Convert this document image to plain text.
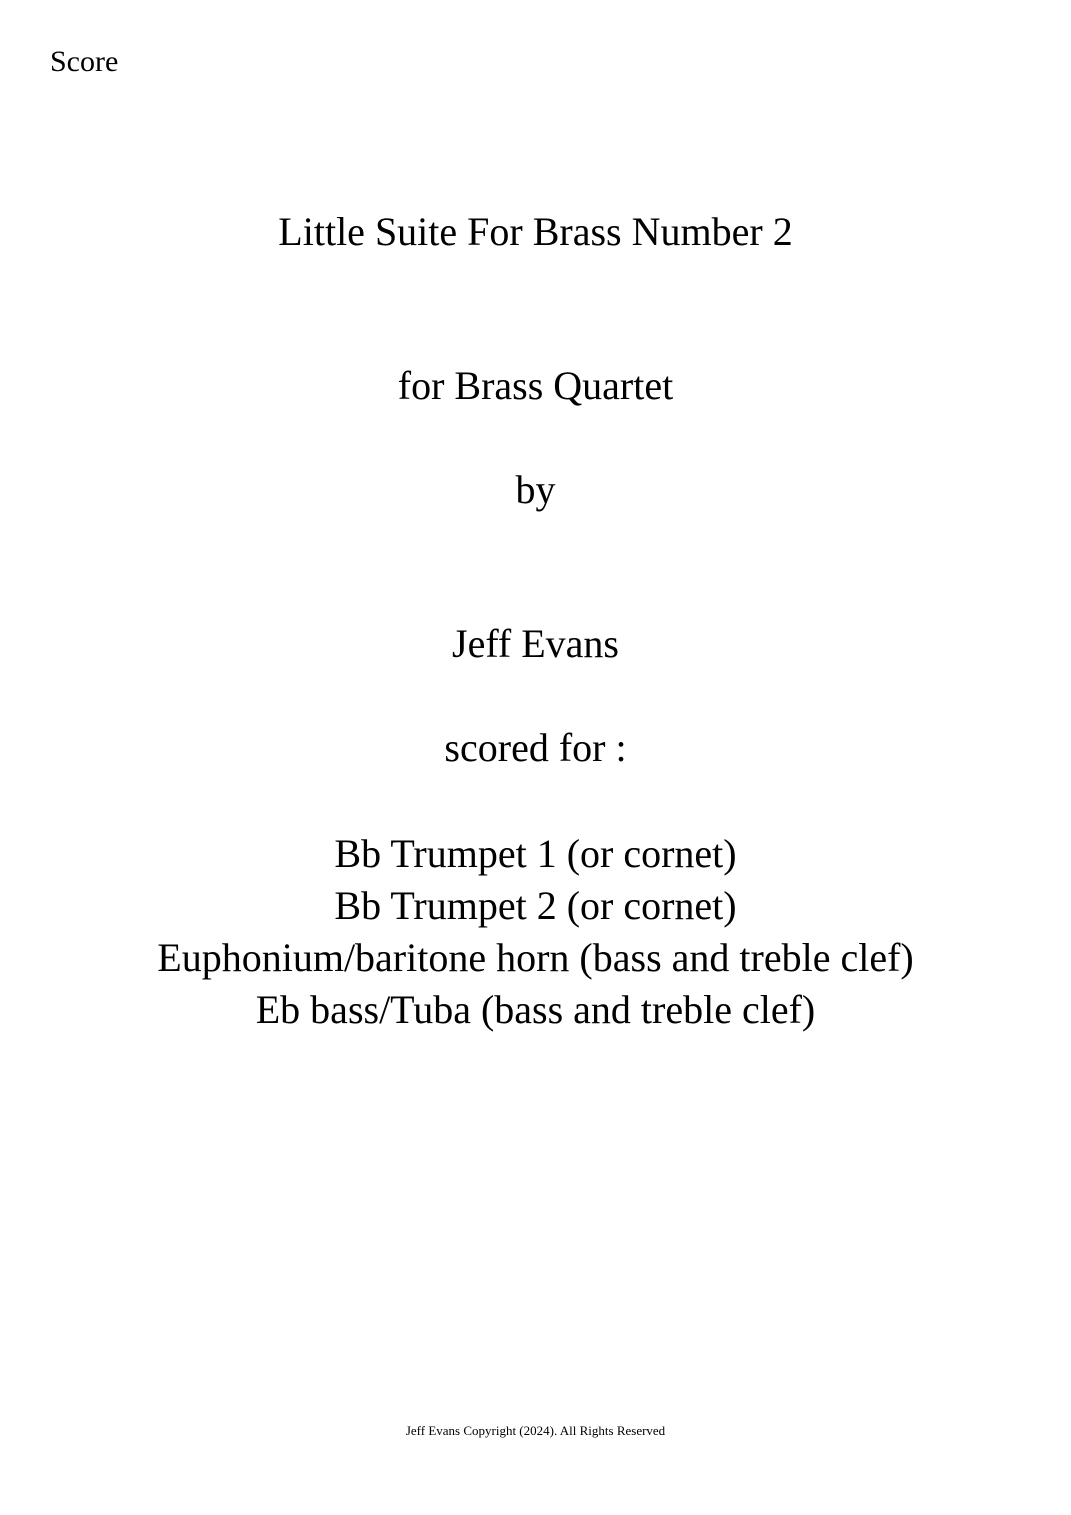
Score

Little Suite For Brass Number 2

for Brass Quartet

by

Jeff Evans

scored for :

Bb Trumpet 1 (or cornet)
Bb Trumpet 2 (or cornet)
Euphonium/baritone horn (bass and treble clef)
Eb bass/Tuba (bass and treble clef)

Jeff Evans Copyright (2024). All Rights Reserved
